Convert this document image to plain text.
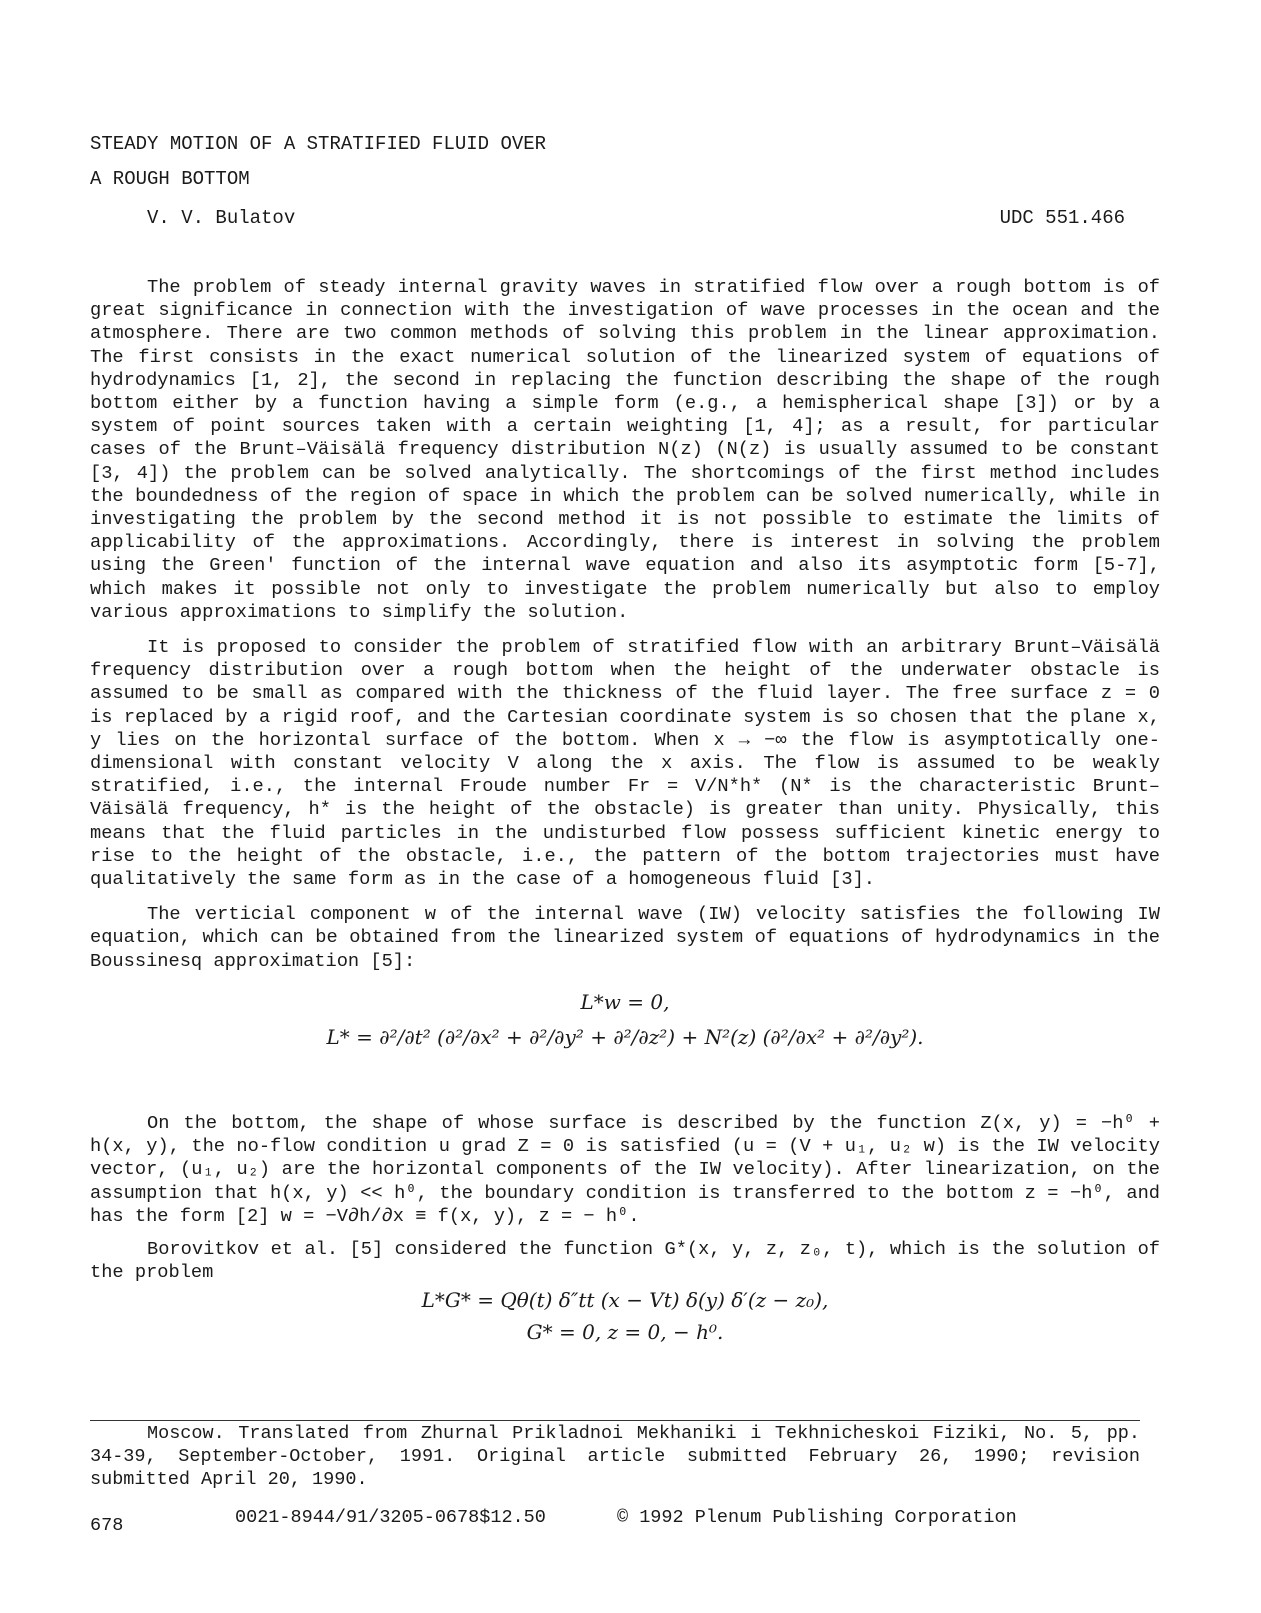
STEADY MOTION OF A STRATIFIED FLUID OVER
A ROUGH BOTTOM
V. V. Bulatov	UDC 551.466

The problem of steady internal gravity waves in stratified flow over a rough bottom is of great significance in connection with the investigation of wave processes in the ocean and the atmosphere. There are two common methods of solving this problem in the linear approximation. The first consists in the exact numerical solution of the linearized system of equations of hydrodynamics [1, 2], the second in replacing the function describing the shape of the rough bottom either by a function having a simple form (e.g., a hemispherical shape [3]) or by a system of point sources taken with a certain weighting [1, 4]; as a result, for particular cases of the Brunt–Väisälä frequency distribution N(z) (N(z) is usually assumed to be constant [3, 4]) the problem can be solved analytically. The shortcomings of the first method includes the boundedness of the region of space in which the problem can be solved numerically, while in investigating the problem by the second method it is not possible to estimate the limits of applicability of the approximations. Accordingly, there is interest in solving the problem using the Green' function of the internal wave equation and also its asymptotic form [5-7], which makes it possible not only to investigate the problem numerically but also to employ various approximations to simplify the solution.

It is proposed to consider the problem of stratified flow with an arbitrary Brunt–Väisälä frequency distribution over a rough bottom when the height of the underwater obstacle is assumed to be small as compared with the thickness of the fluid layer. The free surface z = 0 is replaced by a rigid roof, and the Cartesian coordinate system is so chosen that the plane x, y lies on the horizontal surface of the bottom. When x → −∞ the flow is asymptotically one-dimensional with constant velocity V along the x axis. The flow is assumed to be weakly stratified, i.e., the internal Froude number Fr = V/N*h* (N* is the characteristic Brunt–Väisälä frequency, h* is the height of the obstacle) is greater than unity. Physically, this means that the fluid particles in the undisturbed flow possess sufficient kinetic energy to rise to the height of the obstacle, i.e., the pattern of the bottom trajectories must have qualitatively the same form as in the case of a homogeneous fluid [3].

The verticial component w of the internal wave (IW) velocity satisfies the following IW equation, which can be obtained from the linearized system of equations of hydrodynamics in the Boussinesq approximation [5]:

L*w = 0,
L* = ∂²/∂t² (∂²/∂x² + ∂²/∂y² + ∂²/∂z²) + N²(z) (∂²/∂x² + ∂²/∂y²).

On the bottom, the shape of whose surface is described by the function Z(x, y) = −h⁰ + h(x, y), the no-flow condition u grad Z = 0 is satisfied (u = (V + u₁, u₂ w) is the IW velocity vector, (u₁, u₂) are the horizontal components of the IW velocity). After linearization, on the assumption that h(x, y) << h⁰, the boundary condition is transferred to the bottom z = −h⁰, and has the form [2] w = −V∂h/∂x ≡ f(x, y), z = − h⁰.

Borovitkov et al. [5] considered the function G*(x, y, z, z₀, t), which is the solution of the problem

L*G* = Qθ(t) δ″tt (x − Vt) δ(y) δ′(z − z₀),
G* = 0, z = 0, − h⁰.
Moscow. Translated from Zhurnal Prikladnoi Mekhaniki i Tekhnicheskoi Fiziki, No. 5, pp. 34-39, September-October, 1991. Original article submitted February 26, 1990; revision submitted April 20, 1990.

678

	0021-8944/91/3205-0678$12.50

	© 1992 Plenum Publishing Corporation
